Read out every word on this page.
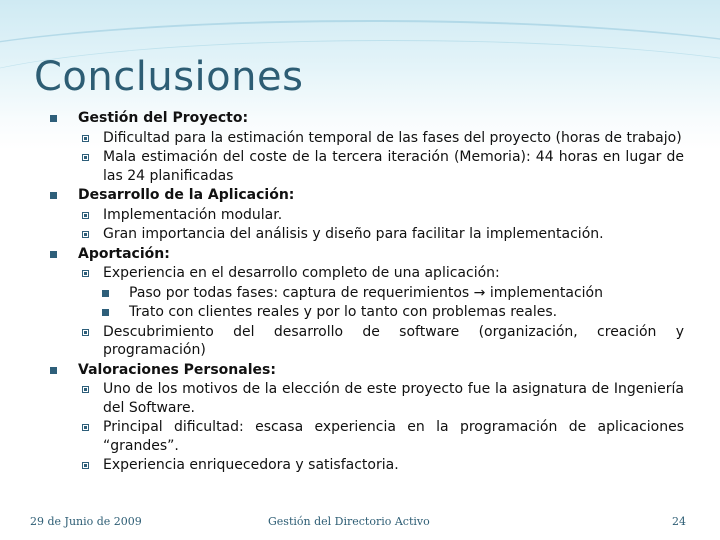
Conclusiones
Gestión del Proyecto:
Dificultad para la estimación temporal de las fases del proyecto (horas de trabajo)
Mala estimación del coste de la tercera iteración (Memoria): 44 horas en lugar de las 24 planificadas
Desarrollo de la Aplicación:
Implementación modular.
Gran importancia del análisis y diseño para facilitar la implementación.
Aportación:
Experiencia en el desarrollo completo de una aplicación:
Paso por todas fases: captura de requerimientos → implementación
Trato con clientes reales y por lo tanto con problemas reales.
Descubrimiento del desarrollo de software (organización, creación y programación)
Valoraciones Personales:
Uno de los motivos de la elección de este proyecto fue la asignatura de Ingeniería del Software.
Principal dificultad: escasa experiencia en la programación de aplicaciones “grandes”.
Experiencia enriquecedora y satisfactoria.
29 de Junio de 2009	Gestión del Directorio Activo	24
